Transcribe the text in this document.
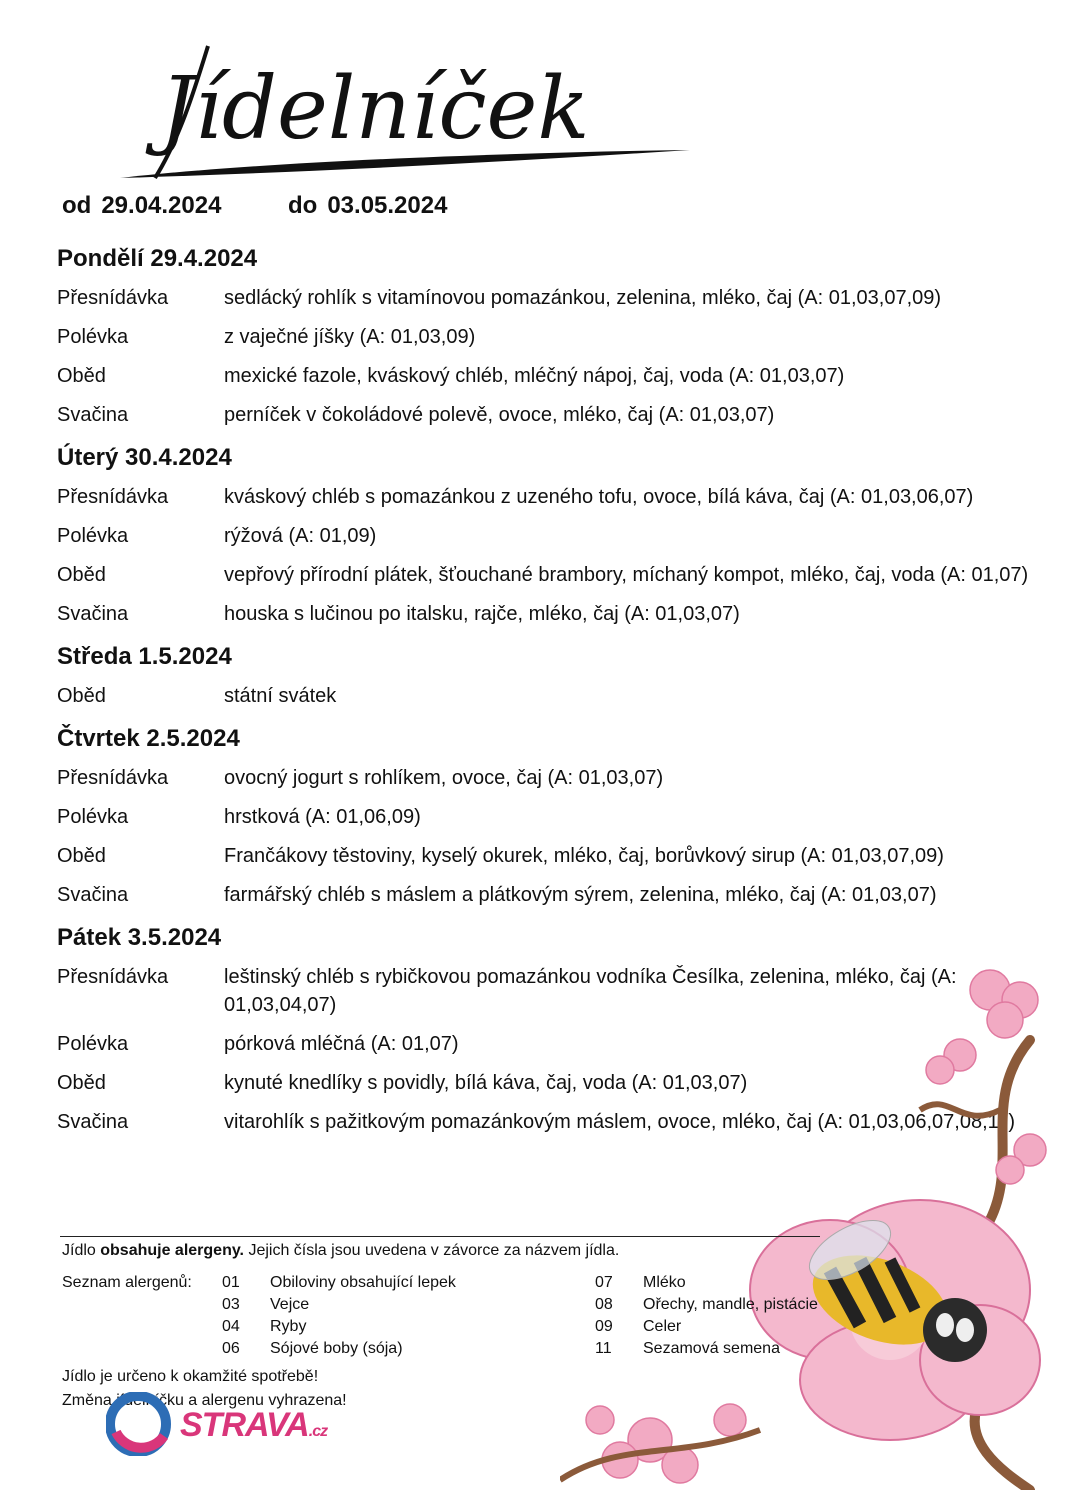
Jídelníček
od 29.04.2024	do 03.05.2024
Pondělí 29.4.2024
Přesnídávka	sedlácký rohlík s vitamínovou pomazánkou, zelenina, mléko, čaj (A: 01,03,07,09)
Polévka	z vaječné jíšky (A: 01,03,09)
Oběd	mexické fazole, kváskový chléb, mléčný nápoj, čaj, voda (A: 01,03,07)
Svačina	perníček v čokoládové polevě, ovoce, mléko, čaj (A: 01,03,07)
Úterý 30.4.2024
Přesnídávka	kváskový chléb s pomazánkou z uzeného tofu, ovoce, bílá káva, čaj (A: 01,03,06,07)
Polévka	rýžová (A: 01,09)
Oběd	vepřový přírodní plátek, šťouchané brambory, míchaný kompot, mléko, čaj, voda (A: 01,07)
Svačina	houska s lučinou po italsku, rajče, mléko, čaj (A: 01,03,07)
Středa 1.5.2024
Oběd	státní svátek
Čtvrtek 2.5.2024
Přesnídávka	ovocný jogurt s rohlíkem, ovoce, čaj (A: 01,03,07)
Polévka	hrstková (A: 01,06,09)
Oběd	Frančákovy těstoviny, kyselý okurek, mléko, čaj, borůvkový sirup (A: 01,03,07,09)
Svačina	farmářský chléb s máslem a plátkovým sýrem, zelenina, mléko, čaj (A: 01,03,07)
Pátek 3.5.2024
Přesnídávka	leštinský chléb s rybičkovou pomazánkou vodníka Česílka, zelenina, mléko, čaj (A: 01,03,04,07)
Polévka	pórková mléčná (A: 01,07)
Oběd	kynuté knedlíky s povidly, bílá káva, čaj, voda (A: 01,03,07)
Svačina	vitarohlík s pažitkovým pomazánkovým máslem, ovoce, mléko, čaj (A: 01,03,06,07,08,11)
Jídlo obsahuje alergeny. Jejich čísla jsou uvedena v závorce za názvem jídla.
Seznam alergenů: 01 Obiloviny obsahující lepek
03 Vejce
04 Ryby
06 Sójové boby (sója)
07 Mléko
08 Ořechy, mandle, pistácie
09 Celer
11 Sezamová semena
Jídlo je určeno k okamžité spotřebě!
Změna jídelníčku a alergenu vyhrazena!
STRAVA.cz
